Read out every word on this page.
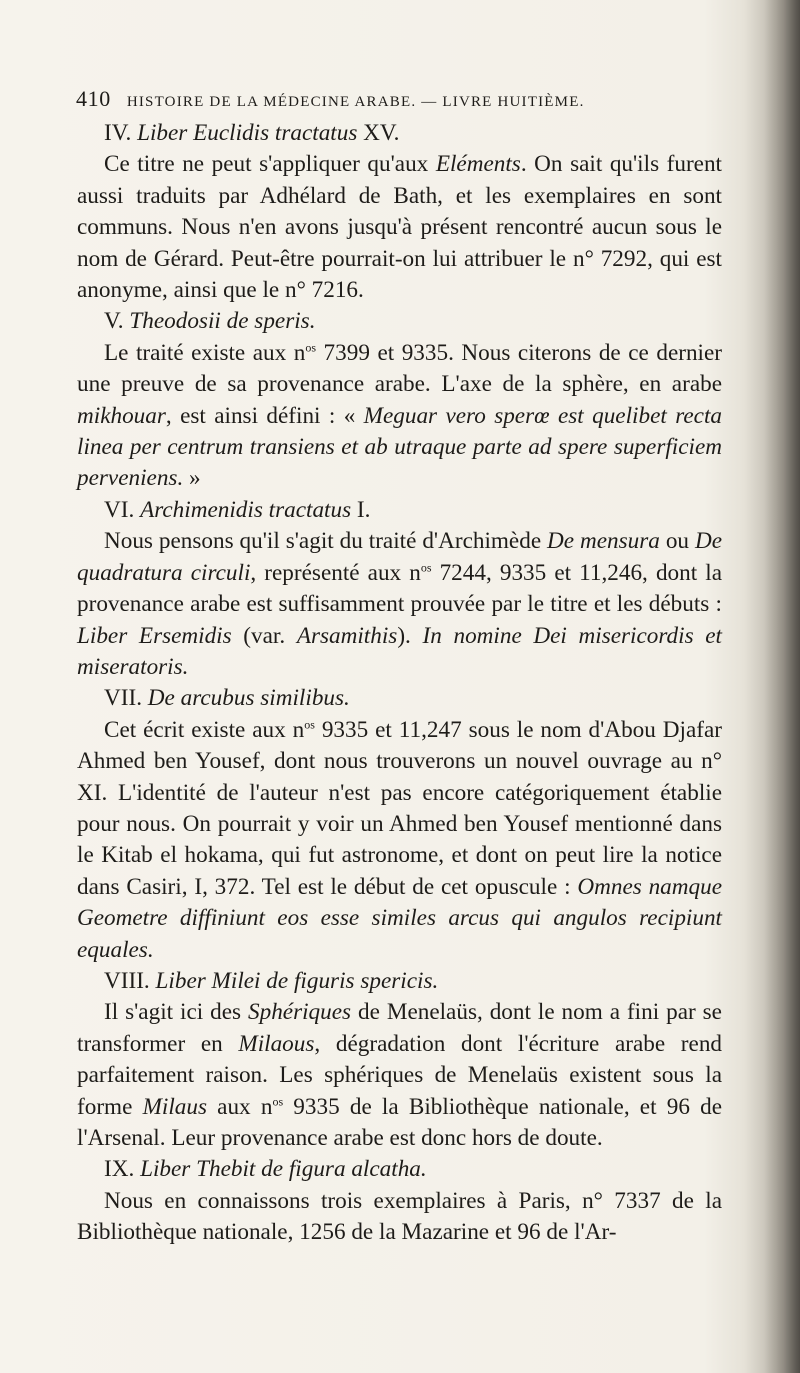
410 HISTOIRE DE LA MÉDECINE ARABE. — LIVRE HUITIÈME.

IV. Liber Euclidis tractatus XV.

Ce titre ne peut s'appliquer qu'aux Eléments. On sait qu'ils furent aussi traduits par Adhélard de Bath, et les exemplaires en sont communs. Nous n'en avons jusqu'à présent rencontré aucun sous le nom de Gérard. Peut-être pourrait-on lui attribuer le n° 7292, qui est anonyme, ainsi que le n° 7216.

V. Theodosii de speris.

Le traité existe aux $n^{os}$ 7399 et 9335. Nous citerons de ce dernier une preuve de sa provenance arabe. L'axe de la sphère, en arabe mikhouar, est ainsi défini : « Meguar vero sperœ est quelibet recta linea per centrum transiens et ab utraque parte ad spere superficiem perveniens. »

VI. Archimenidis tractatus I.

Nous pensons qu'il s'agit du traité d'Archimède De mensura ou De quadratura circuli, représenté aux $n^{os}$ 7244, 9335 et 11,246, dont la provenance arabe est suffisamment prouvée par le titre et les débuts : Liber Ersemidis (var. Arsamithis). In nomine Dei misericordis et miseratoris.

VII. De arcubus similibus.

Cet écrit existe aux $n^{os}$ 9335 et 11,247 sous le nom d'Abou Djafar Ahmed ben Yousef, dont nous trouverons un nouvel ouvrage au n° XI. L'identité de l'auteur n'est pas encore catégoriquement établie pour nous. On pourrait y voir un Ahmed ben Yousef mentionné dans le Kitab el hokama, qui fut astronome, et dont on peut lire la notice dans Casiri, I, 372. Tel est le début de cet opuscule : Omnes namque Geometre diffiniunt eos esse similes arcus qui angulos recipiunt equales.

VIII. Liber Milei de figuris spericis.

Il s'agit ici des Sphériques de Menelaüs, dont le nom a fini par se transformer en Milaous, dégradation dont l'écriture arabe rend parfaitement raison. Les sphériques de Menelaüs existent sous la forme Milaus aux $n^{os}$ 9335 de la Bibliothèque nationale, et 96 de l'Arsenal. Leur provenance arabe est donc hors de doute.

IX. Liber Thebit de figura alcatha.

Nous en connaissons trois exemplaires à Paris, n° 7337 de la Bibliothèque nationale, 1256 de la Mazarine et 96 de l'Ar-
